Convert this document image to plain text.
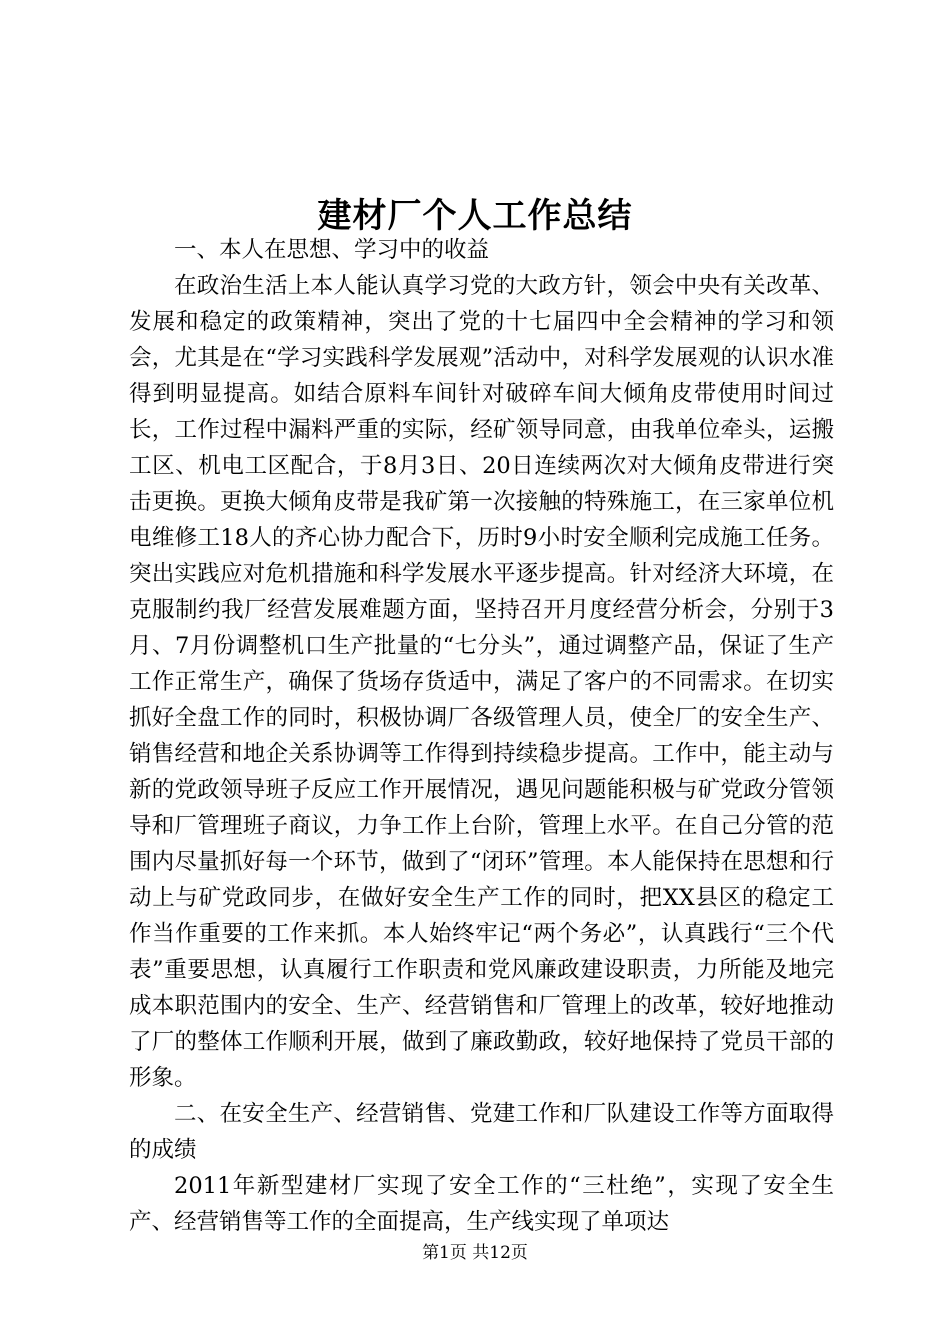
建材厂个人工作总结

一、本人在思想、学习中的收益

在政治生活上本人能认真学习党的大政方针，领会中央有关改革、发展和稳定的政策精神，突出了党的十七届四中全会精神的学习和领会，尤其是在“学习实践科学发展观”活动中，对科学发展观的认识水准得到明显提高。如结合原料车间针对破碎车间大倾角皮带使用时间过长，工作过程中漏料严重的实际，经矿领导同意，由我单位牵头，运搬工区、机电工区配合，于8月3日、20日连续两次对大倾角皮带进行突击更换。更换大倾角皮带是我矿第一次接触的特殊施工，在三家单位机电维修工18人的齐心协力配合下，历时9小时安全顺利完成施工任务。突出实践应对危机措施和科学发展水平逐步提高。针对经济大环境，在克服制约我厂经营发展难题方面，坚持召开月度经营分析会，分别于3月、7月份调整机口生产批量的“七分头”，通过调整产品，保证了生产工作正常生产，确保了货场存货适中，满足了客户的不同需求。在切实抓好全盘工作的同时，积极协调厂各级管理人员，使全厂的安全生产、销售经营和地企关系协调等工作得到持续稳步提高。工作中，能主动与新的党政领导班子反应工作开展情况，遇见问题能积极与矿党政分管领导和厂管理班子商议，力争工作上台阶，管理上水平。在自己分管的范围内尽量抓好每一个环节，做到了“闭环”管理。本人能保持在思想和行动上与矿党政同步，在做好安全生产工作的同时，把XX县区的稳定工作当作重要的工作来抓。本人始终牢记“两个务必”，认真践行“三个代表”重要思想，认真履行工作职责和党风廉政建设职责，力所能及地完成本职范围内的安全、生产、经营销售和厂管理上的改革，较好地推动了厂的整体工作顺利开展，做到了廉政勤政，较好地保持了党员干部的形象。

二、在安全生产、经营销售、党建工作和厂队建设工作等方面取得的成绩

2011年新型建材厂实现了安全工作的“三杜绝”，实现了安全生产、经营销售等工作的全面提高，生产线实现了单项达

第1页 共12页
